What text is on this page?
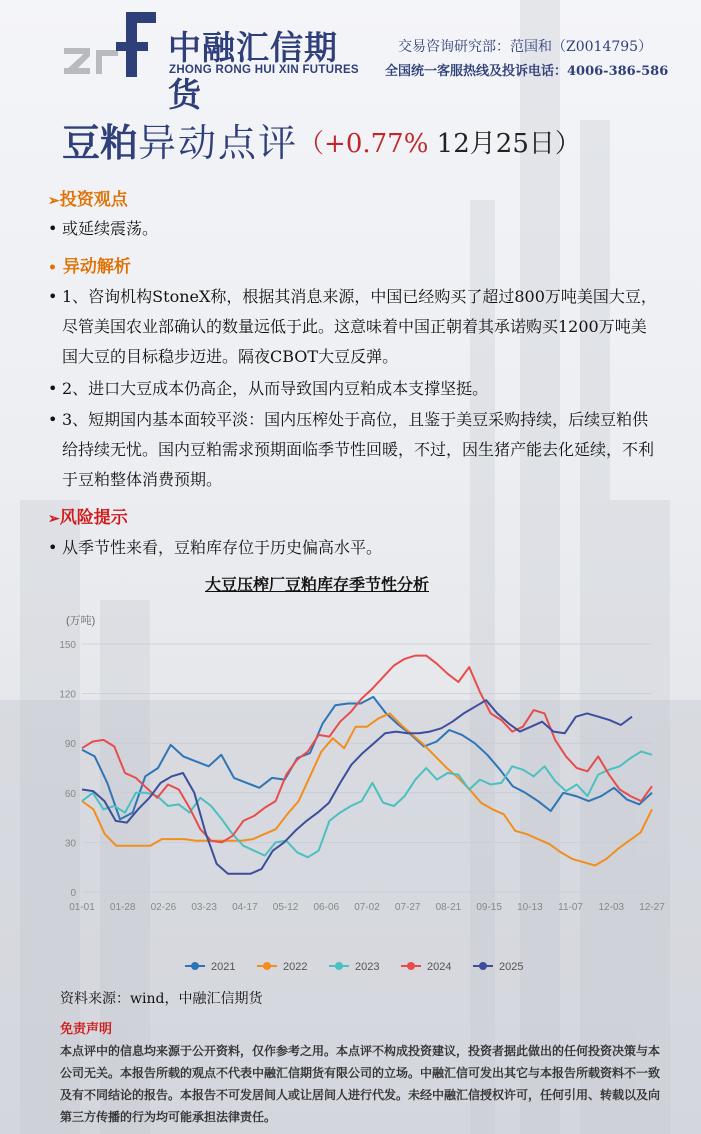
中融汇信期货
ZHONG RONG HUI XIN FUTURES
交易咨询研究部：范国和（Z0014795）
全国统一客服热线及投诉电话：4006-386-586
豆粕异动点评（+0.77% 12月25日）
➢投资观点
• 或延续震荡。
• 异动解析
• 1、咨询机构StoneX称，根据其消息来源，中国已经购买了超过800万吨美国大豆，尽管美国农业部确认的数量远低于此。这意味着中国正朝着其承诺购买1200万吨美国大豆的目标稳步迈进。隔夜CBOT大豆反弹。
• 2、进口大豆成本仍高企，从而导致国内豆粕成本支撑坚挺。
• 3、短期国内基本面较平淡：国内压榨处于高位，且鉴于美豆采购持续，后续豆粕供给持续无忧。国内豆粕需求预期面临季节性回暖，不过，因生猪产能去化延续，不利于豆粕整体消费预期。
➢风险提示
• 从季节性来看，豆粕库存位于历史偏高水平。
大豆压榨厂豆粕库存季节性分析
(万吨)
0
30
60
90
120
150
01-01 01-28 02-26 03-23 04-17 05-12 06-06 07-02 07-27 08-21 09-15 10-13 11-07 12-03 12-27
2021	2022	2023	2024	2025
资料来源：wind，中融汇信期货
免责声明
本点评中的信息均来源于公开资料，仅作参考之用。本点评不构成投资建议，投资者据此做出的任何投资决策与本公司无关。本报告所载的观点不代表中融汇信期货有限公司的立场。中融汇信可发出其它与本报告所载资料不一致及有不同结论的报告。本报告不可发居间人或让居间人进行代发。未经中融汇信授权许可，任何引用、转载以及向第三方传播的行为均可能承担法律责任。
